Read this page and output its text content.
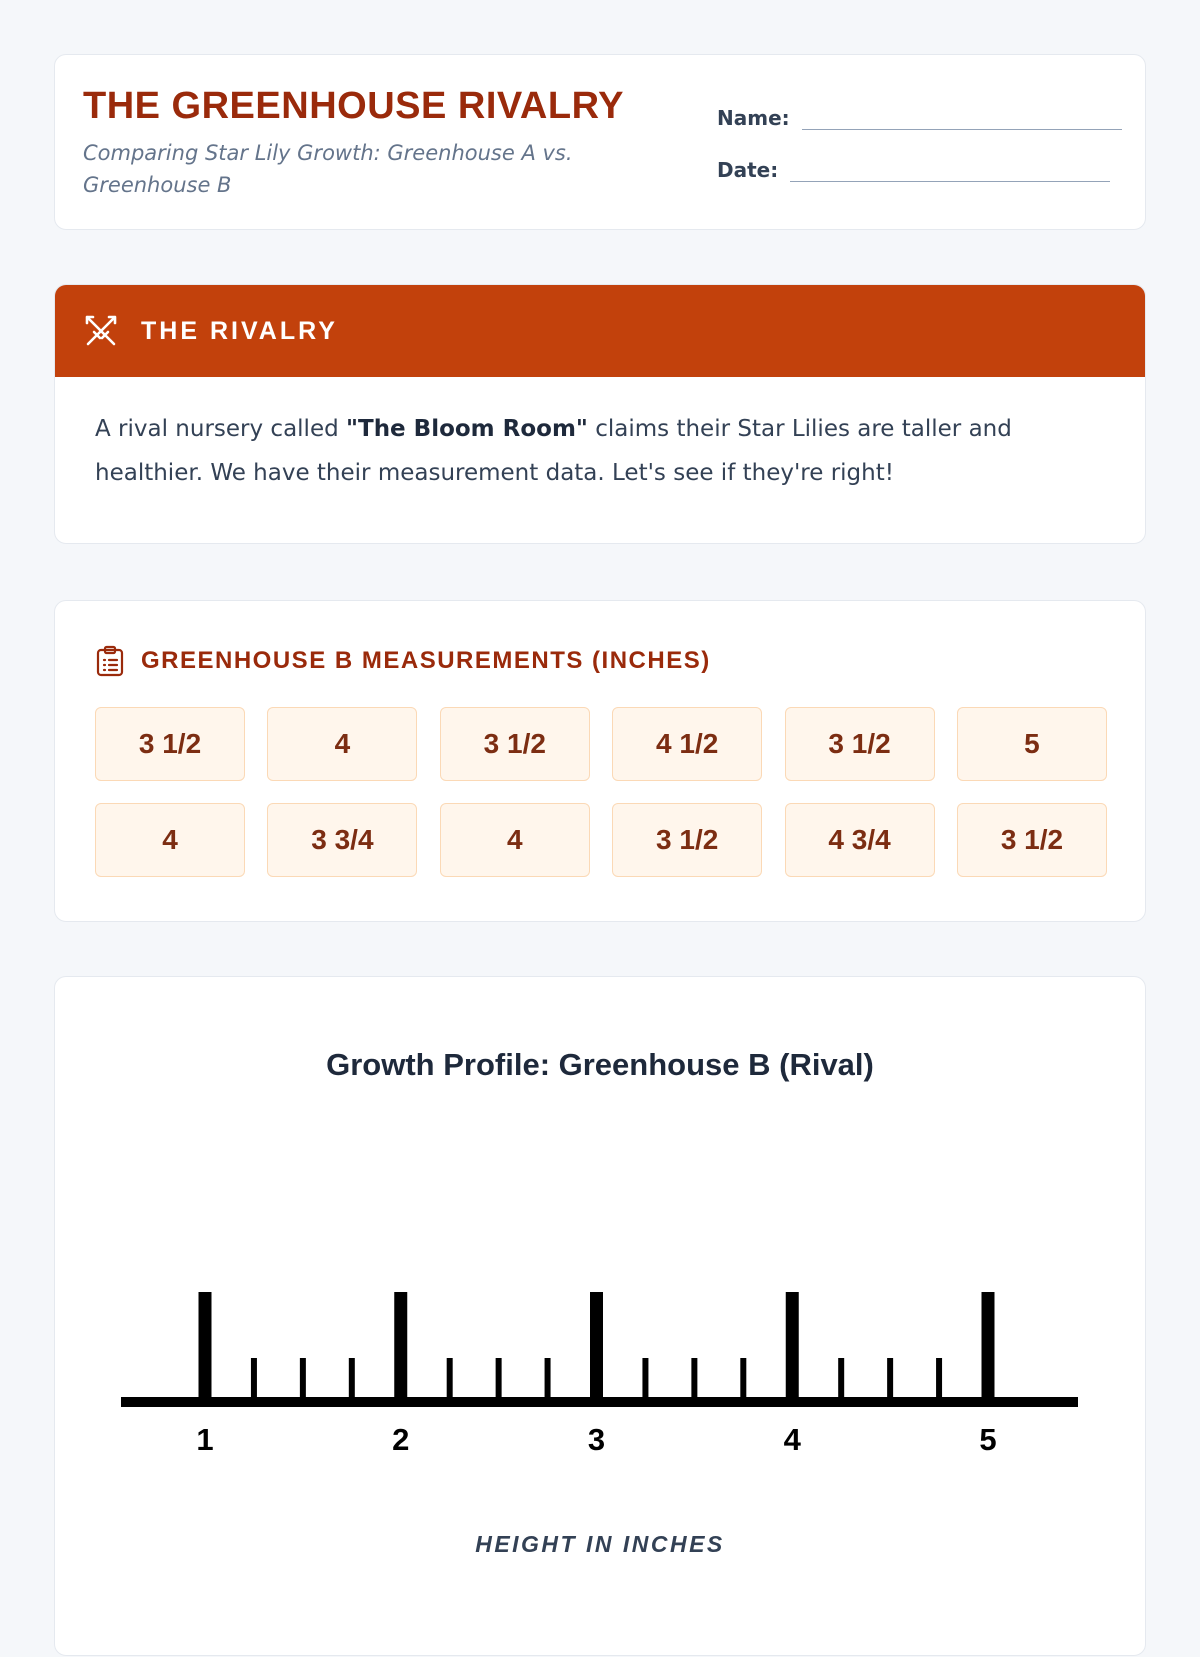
THE GREENHOUSE RIVALRY
Comparing Star Lily Growth: Greenhouse A vs. Greenhouse B
Name:
Date:
THE RIVALRY

A rival nursery called "The Bloom Room" claims their Star Lilies are taller and healthier. We have their measurement data. Let's see if they're right!

GREENHOUSE B MEASUREMENTS (INCHES)
3 1/2	4	3 1/2	4 1/2	3 1/2	5
4	3 3/4	4	3 1/2	4 3/4	3 1/2
Growth Profile: Greenhouse B (Rival)
1	2	3	4	5
HEIGHT IN INCHES
